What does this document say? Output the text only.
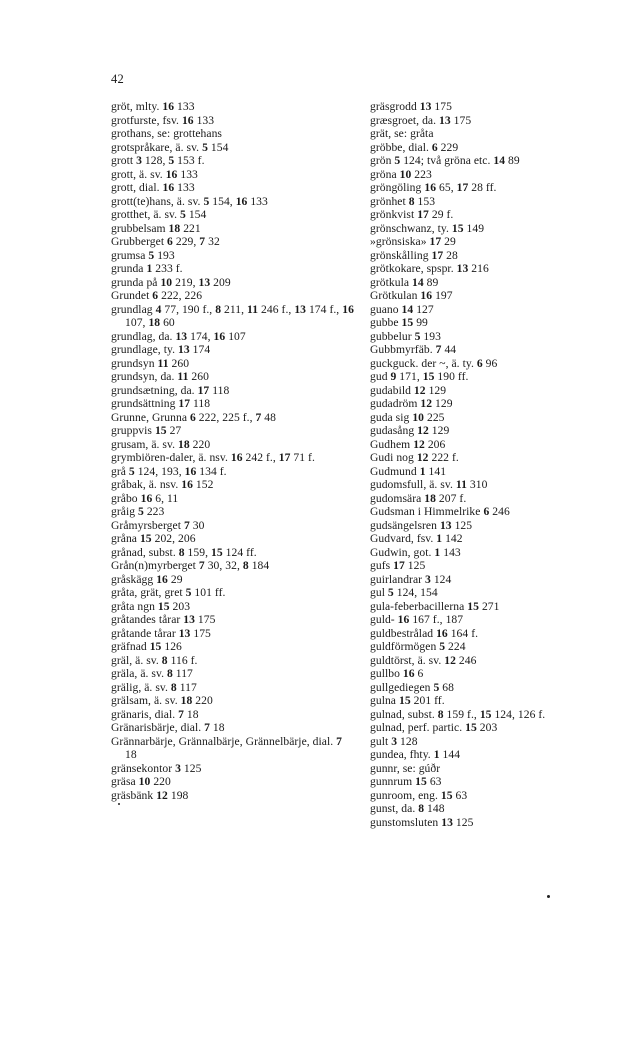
42
gröt, mlty. 16 133
grotfurste, fsv. 16 133
grothans, se: grottehans
grotspråkare, ä. sv. 5 154
grott 3 128, 5 153 f.
grott, ä. sv. 16 133
grott, dial. 16 133
grott(te)hans, ä. sv. 5 154, 16 133
grotthet, ä. sv. 5 154
grubbelsam 18 221
Grubberget 6 229, 7 32
grumsa 5 193
grunda 1 233 f.
grunda på 10 219, 13 209
Grundet 6 222, 226
grundlag 4 77, 190 f., 8 211, 11 246 f., 13 174 f., 16 107, 18 60
grundlag, da. 13 174, 16 107
grundlage, ty. 13 174
grundsyn 11 260
grundsyn, da. 11 260
grundsætning, da. 17 118
grundsättning 17 118
Grunne, Grunna 6 222, 225 f., 7 48
gruppvis 15 27
grusam, ä. sv. 18 220
grymbiören-daler, ä. nsv. 16 242 f., 17 71 f.
grå 5 124, 193, 16 134 f.
gråbak, ä. nsv. 16 152
gråbo 16 6, 11
gråig 5 223
Gråmyrsberget 7 30
gråna 15 202, 206
grånad, subst. 8 159, 15 124 ff.
Grån(n)myrberget 7 30, 32, 8 184
gråskägg 16 29
gråta, grät, gret 5 101 ff.
gråta ngn 15 203
gråtandes tårar 13 175
gråtande tårar 13 175
gräfnad 15 126
gräl, ä. sv. 8 116 f.
gräla, ä. sv. 8 117
grälig, ä. sv. 8 117
grälsam, ä. sv. 18 220
gränaris, dial. 7 18
Gränarisbärje, dial. 7 18
Grännarbärje, Grännalbärje, Grännelbärje, dial. 7 18
gränsekontor 3 125
gräsa 10 220
gräsbänk 12 198
gräsgrodd 13 175
græsgroet, da. 13 175
grät, se: gråta
gröbbe, dial. 6 229
grön 5 124; två gröna etc. 14 89
gröna 10 223
gröngöling 16 65, 17 28 ff.
grönhet 8 153
grönkvist 17 29 f.
grönschwanz, ty. 15 149
»grönsiska» 17 29
grönskålling 17 28
grötkokare, spspr. 13 216
grötkula 14 89
Grötkulan 16 197
guano 14 127
gubbe 15 99
gubbelur 5 193
Gubbmyrfäb. 7 44
guckguck. der ~, ä. ty. 6 96
gud 9 171, 15 190 ff.
gudabild 12 129
gudadröm 12 129
guda sig 10 225
gudasång 12 129
Gudhem 12 206
Gudi nog 12 222 f.
Gudmund 1 141
gudomsfull, ä. sv. 11 310
gudomsära 18 207 f.
Gudsman i Himmelrike 6 246
gudsängelsren 13 125
Gudvard, fsv. 1 142
Gudwin, got. 1 143
gufs 17 125
guirlandrar 3 124
gul 5 124, 154
gula-feberbacillerna 15 271
guld- 16 167 f., 187
guldbestrålad 16 164 f.
guldförmögen 5 224
guldtörst, ä. sv. 12 246
gullbo 16 6
gullgediegen 5 68
gulna 15 201 ff.
gulnad, subst. 8 159 f., 15 124, 126 f.
gulnad, perf. partic. 15 203
gult 3 128
gundea, fhty. 1 144
gunnr, se: gúðr
gunnrum 15 63
gunroom, eng. 15 63
gunst, da. 8 148
gunstomsluten 13 125
